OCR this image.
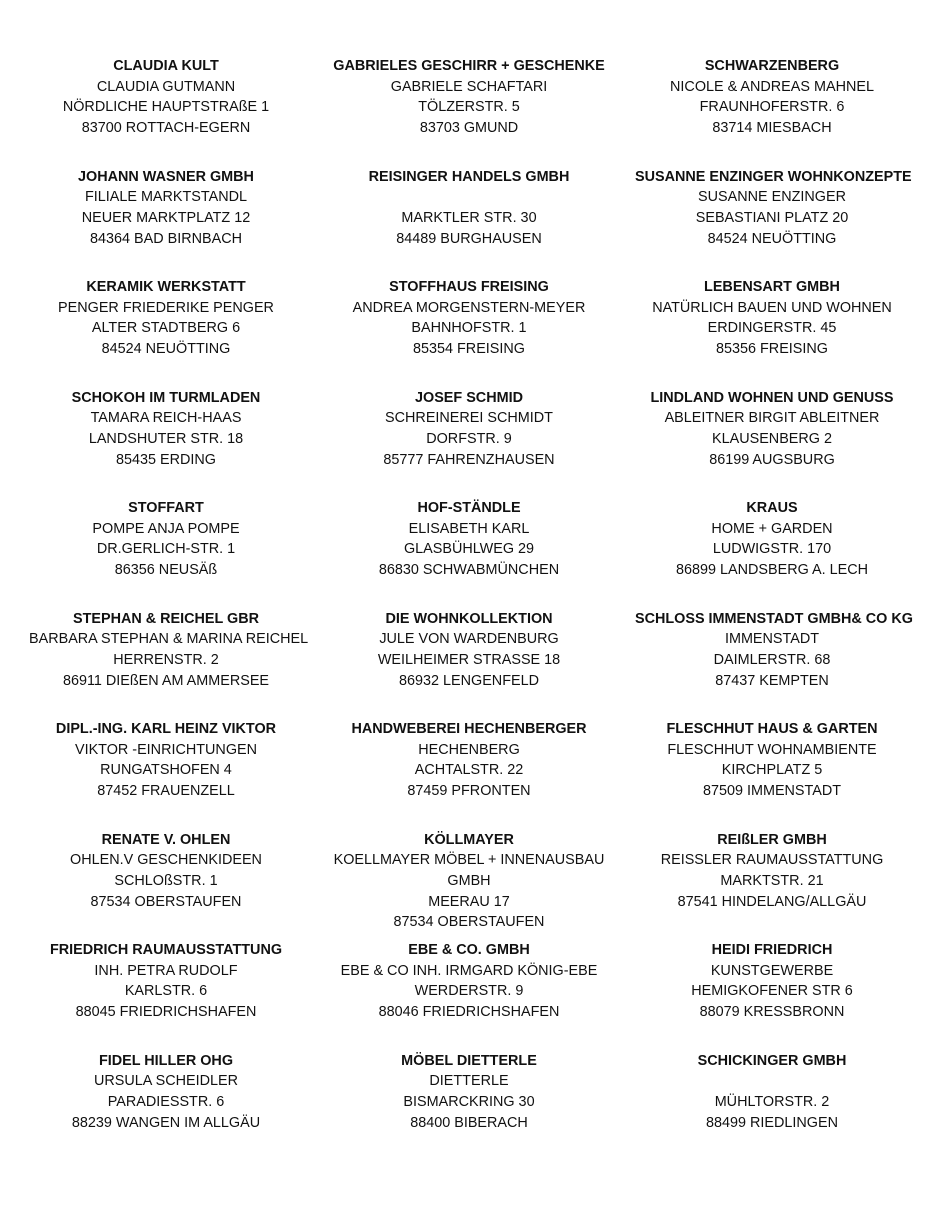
CLAUDIA KULT
CLAUDIA GUTMANN
NÖRDLICHE HAUPTSTRAßE 1
83700 ROTTACH-EGERN
GABRIELES GESCHIRR + GESCHENKE
GABRIELE SCHAFTARI
TÖLZERSTR. 5
83703 GMUND
SCHWARZENBERG
NICOLE & ANDREAS MAHNEL
FRAUNHOFERSTR. 6
83714 MIESBACH
JOHANN WASNER GMBH
FILIALE MARKTSTANDL
NEUER MARKTPLATZ 12
84364 BAD BIRNBACH
REISINGER HANDELS GMBH
MARKTLER STR. 30
84489 BURGHAUSEN
SUSANNE ENZINGER WOHNKONZEPTE
SUSANNE ENZINGER
SEBASTIANI PLATZ 20
84524 NEUÖTTING
KERAMIK WERKSTATT
PENGER FRIEDERIKE PENGER
ALTER STADTBERG 6
84524 NEUÖTTING
STOFFHAUS FREISING
ANDREA MORGENSTERN-MEYER
BAHNHOFSTR. 1
85354 FREISING
LEBENSART GMBH
NATÜRLICH BAUEN UND WOHNEN
ERDINGERSTR. 45
85356 FREISING
SCHOKOH IM TURMLADEN
TAMARA REICH-HAAS
LANDSHUTER STR. 18
85435 ERDING
JOSEF SCHMID
SCHREINEREI SCHMIDT
DORFSTR. 9
85777 FAHRENZHAUSEN
LINDLAND WOHNEN UND GENUSS
ABLEITNER BIRGIT ABLEITNER
KLAUSENBERG 2
86199 AUGSBURG
STOFFART
POMPE ANJA POMPE
DR.GERLICH-STR. 1
86356 NEUSÄß
HOF-STÄNDLE
ELISABETH KARL
GLASBÜHLWEG 29
86830 SCHWABMÜNCHEN
KRAUS
HOME + GARDEN
LUDWIGSTR. 170
86899 LANDSBERG A. LECH
STEPHAN & REICHEL GBR
BARBARA STEPHAN & MARINA REICHEL
HERRENSTR. 2
86911 DIEßEN AM AMMERSEE
DIE WOHNKOLLEKTION
JULE VON WARDENBURG
WEILHEIMER STRASSE 18
86932 LENGENFELD
SCHLOSS IMMENSTADT GMBH& CO KG
IMMENSTADT
DAIMLERSTR. 68
87437 KEMPTEN
DIPL.-ING. KARL HEINZ VIKTOR
VIKTOR -EINRICHTUNGEN
RUNGATSHOFEN 4
87452 FRAUENZELL
HANDWEBEREI HECHENBERGER
HECHENBERG
ACHTALSTR. 22
87459 PFRONTEN
FLESCHHUT HAUS & GARTEN
FLESCHHUT WOHNAMBIENTE
KIRCHPLATZ 5
87509 IMMENSTADT
RENATE V. OHLEN
OHLEN.V GESCHENKIDEEN
SCHLOßSTR. 1
87534 OBERSTAUFEN
KÖLLMAYER
KOELLMAYER MÖBEL + INNENAUSBAU
GMBH
MEERAU 17
87534 OBERSTAUFEN
REIßLER GMBH
REISSLER RAUMAUSSTATTUNG
MARKTSTR. 21
87541 HINDELANG/ALLGÄU
FRIEDRICH RAUMAUSSTATTUNG
INH. PETRA RUDOLF
KARLSTR. 6
88045 FRIEDRICHSHAFEN
EBE & CO. GMBH
EBE & CO INH. IRMGARD KÖNIG-EBE
WERDERSTR. 9
88046 FRIEDRICHSHAFEN
HEIDI FRIEDRICH
KUNSTGEWERBE
HEMIGKOFENER STR 6
88079 KRESSBRONN
FIDEL HILLER OHG
URSULA SCHEIDLER
PARADIESSTR. 6
88239 WANGEN IM ALLGÄU
MÖBEL DIETTERLE
DIETTERLE
BISMARCKRING 30
88400 BIBERACH
SCHICKINGER GMBH
MÜHLTORSTR. 2
88499 RIEDLINGEN
